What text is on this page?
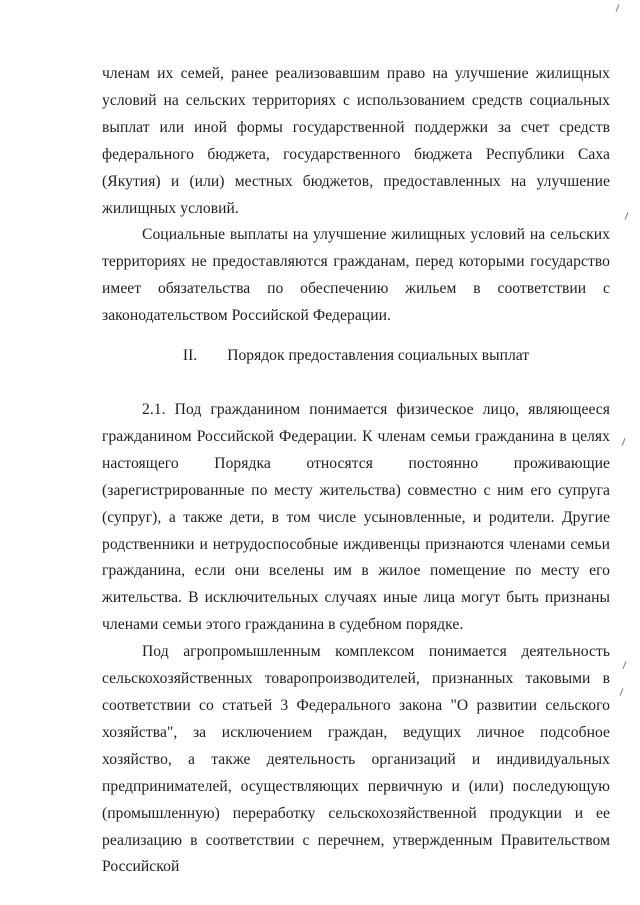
членам их семей, ранее реализовавшим право на улучшение жилищных условий на сельских территориях с использованием средств социальных выплат или иной формы государственной поддержки за счет средств федерального бюджета, государственного бюджета Республики Саха (Якутия) и (или) местных бюджетов, предоставленных на улучшение жилищных условий.

Социальные выплаты на улучшение жилищных условий на сельских территориях не предоставляются гражданам, перед которыми государство имеет обязательства по обеспечению жильем в соответствии с законодательством Российской Федерации.

II. Порядок предоставления социальных выплат

2.1. Под гражданином понимается физическое лицо, являющееся гражданином Российской Федерации. К членам семьи гражданина в целях настоящего Порядка относятся постоянно проживающие (зарегистрированные по месту жительства) совместно с ним его супруга (супруг), а также дети, в том числе усыновленные, и родители. Другие родственники и нетрудоспособные иждивенцы признаются членами семьи гражданина, если они вселены им в жилое помещение по месту его жительства. В исключительных случаях иные лица могут быть признаны членами семьи этого гражданина в судебном порядке.

Под агропромышленным комплексом понимается деятельность сельскохозяйственных товаропроизводителей, признанных таковыми в соответствии со статьей 3 Федерального закона "О развитии сельского хозяйства", за исключением граждан, ведущих личное подсобное хозяйство, а также деятельность организаций и индивидуальных предпринимателей, осуществляющих первичную и (или) последующую (промышленную) переработку сельскохозяйственной продукции и ее реализацию в соответствии с перечнем, утвержденным Правительством Российской
